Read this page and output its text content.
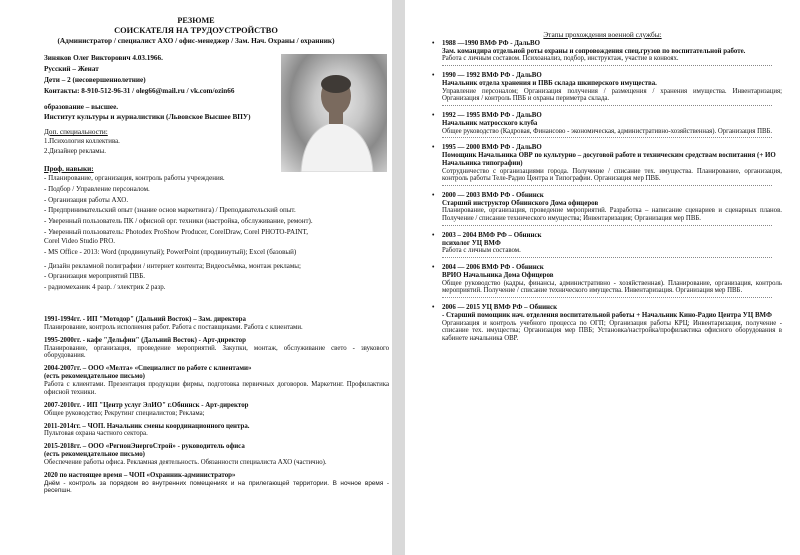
РЕЗЮМЕ
СОИСКАТЕЛЯ НА ТРУДОУСТРОЙСТВО
(Администратор / специалист АХО / офис-менеджер / Зам. Нач. Охраны / охранник)
Зиняков Олег Викторович 4.03.1966.
Русский – Женат
Дети – 2 (несовершеннолетние)
Контакты: 8-910-512-96-31 / oleg66@mail.ru / vk.com/ozin66
образование – высшее.
Институт культуры и журналистики (Львовское Высшее ВПУ)
Доп. специальности:
1.Психология коллектива.
2.Дизайнер рекламы.
Проф. навыки:
- Планирование, организация, контроль работы учреждения.
- Подбор / Управление персоналом.
- Организация работы АХО.
- Предпринимательский опыт (знание основ маркетинга) / Преподавательский опыт.
- Уверенный пользователь ПК / офисной орг. техники (настройка, обслуживание, ремонт).
- Уверенный пользователь: Photodex ProShow Producer, CorelDraw, Corel PHOTO-PAINT,
Corel Video Studio PRO.
- MS Office - 2013: Word (продвинутый); PowerPoint (продвинутый); Excel (базовый)
- Дизайн рекламной полиграфии / интернет контента; Видеосъёмка, монтаж рекламы;
- Организация мероприятий ПВБ.
- радиомеханик 4 разр. / электрик 2 разр.
1991-1994гг. - ИП "Мотодор" (Дальний Восток) – Зам. директора
Планирование, контроль исполнения работ. Работа с поставщиками. Работа с клиентами.
1995-2000гг. - кафе "Дельфин" (Дальний Восток) - Арт-директор
Планирование, организация, проведение мероприятий. Закупки, монтаж, обслуживание свето - звукового оборудования.
2004-2007гг. – ООО «Мелта» «Специалист по работе с клиентами»
(есть рекомендательное письмо)
Работа с клиентами. Презентация продукции фирмы, подготовка первичных договоров. Маркетинг. Профилактика офисной техники.
2007-2010гг. - ИП "Центр услуг ЭлИО" г.Обнинск - Арт-директор
Общее руководство; Рекрутинг специалистов; Реклама;
2011-2014гг. – ЧОП. Начальник смены координационного центра.
Пультовая охрана частного сектора.
2015-2018гг. – ООО «РегионЭнергоСтрой» - руководитель офиса
(есть рекомендательное письмо)
Обеспечение работы офиса. Рекламная деятельность. Обязанности специалиста АХО (частично).
2020 по настоящее время – ЧОП «Охранник-администратор»
Днём - контроль за порядком во внутренних помещениях и на прилегающей территории. В ночное время - ресепшн.
Этапы прохождения военной службы:
• 1988 —1990 ВМФ РФ - ДальВО
Зам. командира отдельной роты охраны и сопровождения спец.грузов по воспитательной работе.
Работа с личным составом. Психоанализ, подбор, инструктаж, участие в конвоях.
• 1990 — 1992 ВМФ РФ - ДальВО
Начальник отдела хранения и ПВБ склада шкиперского имущества.
Управление персоналом; Организация получения / размещения / хранения имущества. Инвентаризация; Организация / контроль ПВБ и охраны периметра склада.
• 1992 — 1995 ВМФ РФ - ДальВО
Начальник матросского клуба
Общее руководство (Кадровая, Финансово - экономическая, административно-хозяйственная). Организация ПВБ.
• 1995 — 2000 ВМФ РФ - ДальВО
Помощник Начальника ОВР по культурно – досуговой работе и техническим средствам воспитания (+ ИО Начальника типографии)
Сотрудничество с организациями города. Получение / списание тех. имущества. Планирование, организация, контроль работы Теле-Радио Центра и Типографии. Организация мер ПВБ.
• 2000 — 2003 ВМФ РФ - Обнинск
Старший инструктор Обнинского Дома офицеров
Планирование, организация, проведение мероприятий. Разработка – написание сценариев и сценарных планов. Получение / списание технического имущества; Инвентаризация; Организация мер ПВБ.
• 2003 – 2004 ВМФ РФ – Обнинск
психолог УЦ ВМФ
Работа с личным составом.
• 2004 — 2006 ВМФ РФ - Обнинск
ВРИО Начальника Дома Офицеров
Общее руководство (кадры, финансы, административно - хозяйственная). Планирование, организация, контроль мероприятий. Получение / списание технического имущества. Инвентаризация. Организация мер ПВБ.
• 2006 — 2015 УЦ ВМФ РФ – Обнинск
- Старший помощник нач. отделения воспитательной работы + Начальник Кино-Радио Центра УЦ ВМФ
Организация и контроль учебного процесса по ОГП; Организация работы КРЦ; Инвентаризация, получение - списание тех. имущества; Организация мер ПВБ; Установка/настройка/профилактика офисного оборудования в кабинете начальника ОВР.
